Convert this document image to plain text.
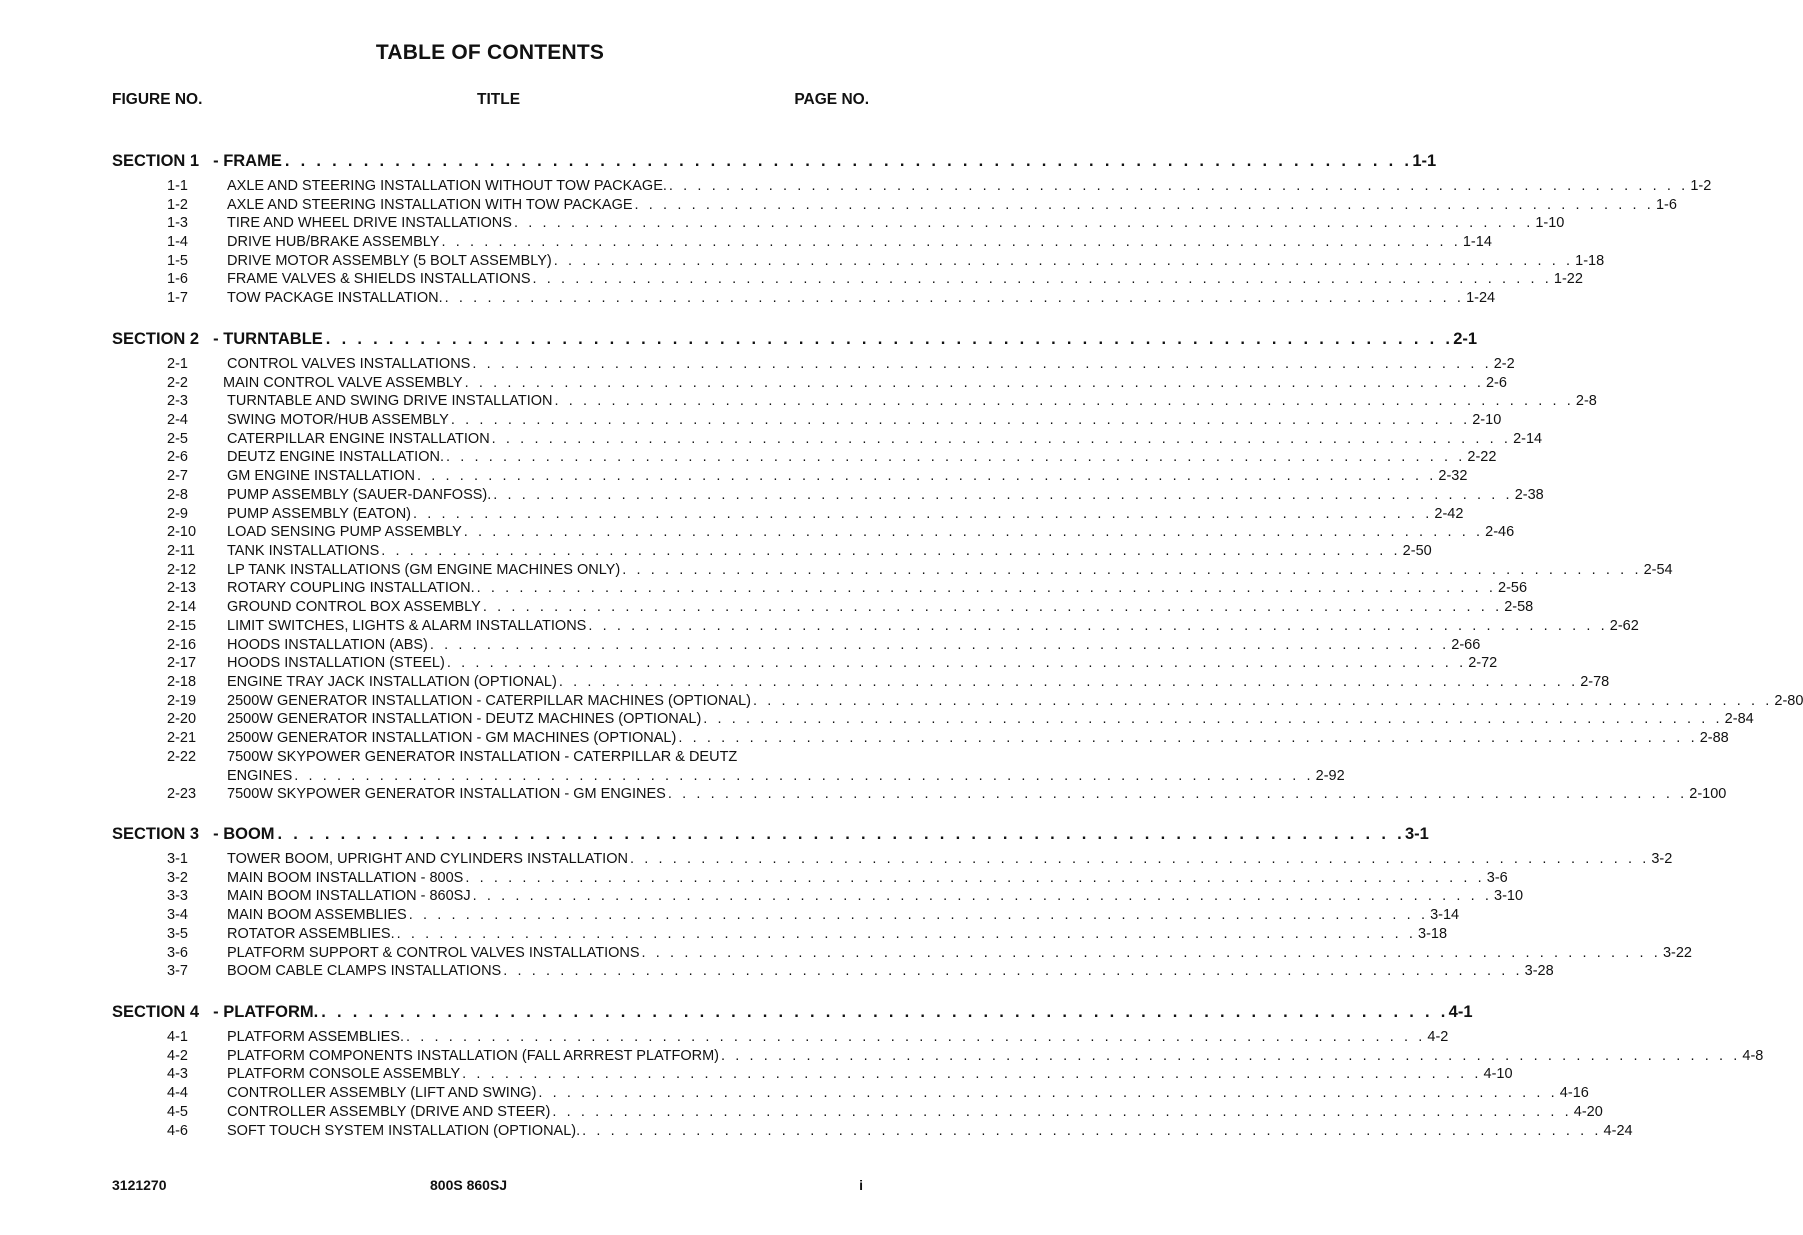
TABLE OF CONTENTS
FIGURE NO.	TITLE	PAGE NO.
SECTION 1 - FRAME . . . . . . . . . . . . . . . . . . . . . . . . . . . . . . . . . . . . . . . . . . . . . . . . . . . . . . . . . . . . . . . . . . . . . . . . 1-1
1-1	AXLE AND STEERING INSTALLATION WITHOUT TOW PACKAGE. . . . . . . . . . . . . . . . . . . . . . . . . . . . . . . . . . . . . . . . . . . . . . . . . . . . . . . . . . . . . . . . . . . . . . . . . 1-2
1-2	AXLE AND STEERING INSTALLATION WITH TOW PACKAGE . . . . . . . . . . . . . . . . . . . . . . . . . . . . . . . . . . . . . . . . . . . . . . . . . . . . . . . . . . . . . . . . . . . . . . . . 1-6
1-3	TIRE AND WHEEL DRIVE INSTALLATIONS . . . . . . . . . . . . . . . . . . . . . . . . . . . . . . . . . . . . . . . . . . . . . . . . . . . . . . . . . . . . . . . . . . . . . . . . 1-10
1-4	DRIVE HUB/BRAKE ASSEMBLY . . . . . . . . . . . . . . . . . . . . . . . . . . . . . . . . . . . . . . . . . . . . . . . . . . . . . . . . . . . . . . . . . . . . . . . . 1-14
1-5	DRIVE MOTOR ASSEMBLY (5 BOLT ASSEMBLY) . . . . . . . . . . . . . . . . . . . . . . . . . . . . . . . . . . . . . . . . . . . . . . . . . . . . . . . . . . . . . . . . . . . . . . . . 1-18
1-6	FRAME VALVES & SHIELDS INSTALLATIONS . . . . . . . . . . . . . . . . . . . . . . . . . . . . . . . . . . . . . . . . . . . . . . . . . . . . . . . . . . . . . . . . . . . . . . . . 1-22
1-7	TOW PACKAGE INSTALLATION. . . . . . . . . . . . . . . . . . . . . . . . . . . . . . . . . . . . . . . . . . . . . . . . . . . . . . . . . . . . . . . . . . . . . . . . . 1-24
SECTION 2 - TURNTABLE . . . . . . . . . . . . . . . . . . . . . . . . . . . . . . . . . . . . . . . . . . . . . . . . . . . . . . . . . . . . . . . . . . . . . . . . 2-1
2-1	CONTROL VALVES INSTALLATIONS . . . . . . . . . . . . . . . . . . . . . . . . . . . . . . . . . . . . . . . . . . . . . . . . . . . . . . . . . . . . . . . . . . . . . . . . 2-2
2-2 MAIN CONTROL VALVE ASSEMBLY . . . . . . . . . . . . . . . . . . . . . . . . . . . . . . . . . . . . . . . . . . . . . . . . . . . . . . . . . . . . . . . . . . . . . . . . 2-6
2-3	TURNTABLE AND SWING DRIVE INSTALLATION . . . . . . . . . . . . . . . . . . . . . . . . . . . . . . . . . . . . . . . . . . . . . . . . . . . . . . . . . . . . . . . . . . . . . . . . 2-8
2-4	SWING MOTOR/HUB ASSEMBLY . . . . . . . . . . . . . . . . . . . . . . . . . . . . . . . . . . . . . . . . . . . . . . . . . . . . . . . . . . . . . . . . . . . . . . . . 2-10
2-5	CATERPILLAR ENGINE INSTALLATION . . . . . . . . . . . . . . . . . . . . . . . . . . . . . . . . . . . . . . . . . . . . . . . . . . . . . . . . . . . . . . . . . . . . . . . . 2-14
2-6	DEUTZ ENGINE INSTALLATION. . . . . . . . . . . . . . . . . . . . . . . . . . . . . . . . . . . . . . . . . . . . . . . . . . . . . . . . . . . . . . . . . . . . . . . . . 2-22
2-7	GM ENGINE INSTALLATION . . . . . . . . . . . . . . . . . . . . . . . . . . . . . . . . . . . . . . . . . . . . . . . . . . . . . . . . . . . . . . . . . . . . . . . . 2-32
2-8	PUMP ASSEMBLY (SAUER-DANFOSS). . . . . . . . . . . . . . . . . . . . . . . . . . . . . . . . . . . . . . . . . . . . . . . . . . . . . . . . . . . . . . . . . . . . . . . . . 2-38
2-9	PUMP ASSEMBLY (EATON) . . . . . . . . . . . . . . . . . . . . . . . . . . . . . . . . . . . . . . . . . . . . . . . . . . . . . . . . . . . . . . . . . . . . . . . . 2-42
2-10 LOAD SENSING PUMP ASSEMBLY . . . . . . . . . . . . . . . . . . . . . . . . . . . . . . . . . . . . . . . . . . . . . . . . . . . . . . . . . . . . . . . . . . . . . . . . 2-46
2-11 TANK INSTALLATIONS . . . . . . . . . . . . . . . . . . . . . . . . . . . . . . . . . . . . . . . . . . . . . . . . . . . . . . . . . . . . . . . . . . . . . . . . 2-50
2-12 LP TANK INSTALLATIONS (GM ENGINE MACHINES ONLY) . . . . . . . . . . . . . . . . . . . . . . . . . . . . . . . . . . . . . . . . . . . . . . . . . . . . . . . . . . . . . . . . . . . . . . . . 2-54
2-13 ROTARY COUPLING INSTALLATION. . . . . . . . . . . . . . . . . . . . . . . . . . . . . . . . . . . . . . . . . . . . . . . . . . . . . . . . . . . . . . . . . . . . . . . . . 2-56
2-14 GROUND CONTROL BOX ASSEMBLY . . . . . . . . . . . . . . . . . . . . . . . . . . . . . . . . . . . . . . . . . . . . . . . . . . . . . . . . . . . . . . . . . . . . . . . . 2-58
2-15 LIMIT SWITCHES, LIGHTS & ALARM INSTALLATIONS . . . . . . . . . . . . . . . . . . . . . . . . . . . . . . . . . . . . . . . . . . . . . . . . . . . . . . . . . . . . . . . . . . . . . . . . 2-62
2-16 HOODS INSTALLATION (ABS) . . . . . . . . . . . . . . . . . . . . . . . . . . . . . . . . . . . . . . . . . . . . . . . . . . . . . . . . . . . . . . . . . . . . . . . . 2-66
2-17 HOODS INSTALLATION (STEEL) . . . . . . . . . . . . . . . . . . . . . . . . . . . . . . . . . . . . . . . . . . . . . . . . . . . . . . . . . . . . . . . . . . . . . . . . 2-72
2-18 ENGINE TRAY JACK INSTALLATION (OPTIONAL) . . . . . . . . . . . . . . . . . . . . . . . . . . . . . . . . . . . . . . . . . . . . . . . . . . . . . . . . . . . . . . . . . . . . . . . . 2-78
2-19 2500W GENERATOR INSTALLATION - CATERPILLAR MACHINES (OPTIONAL) . . . . . . . . . . . . . . . . . . . . . . . . . . . . . . . . . . . . . . . . . . . . . . . . . . . . . . . . . . . . . . . . . . . . . . . . 2-80
2-20 2500W GENERATOR INSTALLATION - DEUTZ MACHINES (OPTIONAL) . . . . . . . . . . . . . . . . . . . . . . . . . . . . . . . . . . . . . . . . . . . . . . . . . . . . . . . . . . . . . . . . . . . . . . . . 2-84
2-21 2500W GENERATOR INSTALLATION - GM MACHINES (OPTIONAL) . . . . . . . . . . . . . . . . . . . . . . . . . . . . . . . . . . . . . . . . . . . . . . . . . . . . . . . . . . . . . . . . . . . . . . . . 2-88
2-22 7500W SKYPOWER GENERATOR INSTALLATION - CATERPILLAR & DEUTZ
ENGINES . . . . . . . . . . . . . . . . . . . . . . . . . . . . . . . . . . . . . . . . . . . . . . . . . . . . . . . . . . . . . . . . . . . . . . . . 2-92
2-23 7500W SKYPOWER GENERATOR INSTALLATION - GM ENGINES . . . . . . . . . . . . . . . . . . . . . . . . . . . . . . . . . . . . . . . . . . . . . . . . . . . . . . . . . . . . . . . . . . . . . . . . 2-100
SECTION 3 - BOOM . . . . . . . . . . . . . . . . . . . . . . . . . . . . . . . . . . . . . . . . . . . . . . . . . . . . . . . . . . . . . . . . . . . . . . . . 3-1
3-1	TOWER BOOM, UPRIGHT AND CYLINDERS INSTALLATION . . . . . . . . . . . . . . . . . . . . . . . . . . . . . . . . . . . . . . . . . . . . . . . . . . . . . . . . . . . . . . . . . . . . . . . . 3-2
3-2	MAIN BOOM INSTALLATION - 800S . . . . . . . . . . . . . . . . . . . . . . . . . . . . . . . . . . . . . . . . . . . . . . . . . . . . . . . . . . . . . . . . . . . . . . . . 3-6
3-3	MAIN BOOM INSTALLATION - 860SJ . . . . . . . . . . . . . . . . . . . . . . . . . . . . . . . . . . . . . . . . . . . . . . . . . . . . . . . . . . . . . . . . . . . . . . . . 3-10
3-4	MAIN BOOM ASSEMBLIES . . . . . . . . . . . . . . . . . . . . . . . . . . . . . . . . . . . . . . . . . . . . . . . . . . . . . . . . . . . . . . . . . . . . . . . . 3-14
3-5	ROTATOR ASSEMBLIES. . . . . . . . . . . . . . . . . . . . . . . . . . . . . . . . . . . . . . . . . . . . . . . . . . . . . . . . . . . . . . . . . . . . . . . . . 3-18
3-6	PLATFORM SUPPORT & CONTROL VALVES INSTALLATIONS . . . . . . . . . . . . . . . . . . . . . . . . . . . . . . . . . . . . . . . . . . . . . . . . . . . . . . . . . . . . . . . . . . . . . . . . 3-22
3-7	BOOM CABLE CLAMPS INSTALLATIONS . . . . . . . . . . . . . . . . . . . . . . . . . . . . . . . . . . . . . . . . . . . . . . . . . . . . . . . . . . . . . . . . . . . . . . . . 3-28
SECTION 4 - PLATFORM. . . . . . . . . . . . . . . . . . . . . . . . . . . . . . . . . . . . . . . . . . . . . . . . . . . . . . . . . . . . . . . . . . . . . . . . . 4-1
4-1	PLATFORM ASSEMBLIES. . . . . . . . . . . . . . . . . . . . . . . . . . . . . . . . . . . . . . . . . . . . . . . . . . . . . . . . . . . . . . . . . . . . . . . . . 4-2
4-2	PLATFORM COMPONENTS INSTALLATION (FALL ARRREST PLATFORM) . . . . . . . . . . . . . . . . . . . . . . . . . . . . . . . . . . . . . . . . . . . . . . . . . . . . . . . . . . . . . . . . . . . . . . . . 4-8
4-3	PLATFORM CONSOLE ASSEMBLY . . . . . . . . . . . . . . . . . . . . . . . . . . . . . . . . . . . . . . . . . . . . . . . . . . . . . . . . . . . . . . . . . . . . . . . . 4-10
4-4	CONTROLLER ASSEMBLY (LIFT AND SWING) . . . . . . . . . . . . . . . . . . . . . . . . . . . . . . . . . . . . . . . . . . . . . . . . . . . . . . . . . . . . . . . . . . . . . . . . 4-16
4-5	CONTROLLER ASSEMBLY (DRIVE AND STEER) . . . . . . . . . . . . . . . . . . . . . . . . . . . . . . . . . . . . . . . . . . . . . . . . . . . . . . . . . . . . . . . . . . . . . . . . 4-20
4-6	SOFT TOUCH SYSTEM INSTALLATION (OPTIONAL). . . . . . . . . . . . . . . . . . . . . . . . . . . . . . . . . . . . . . . . . . . . . . . . . . . . . . . . . . . . . . . . . . . . . . . . . 4-24
3121270	800S 860SJ	i
